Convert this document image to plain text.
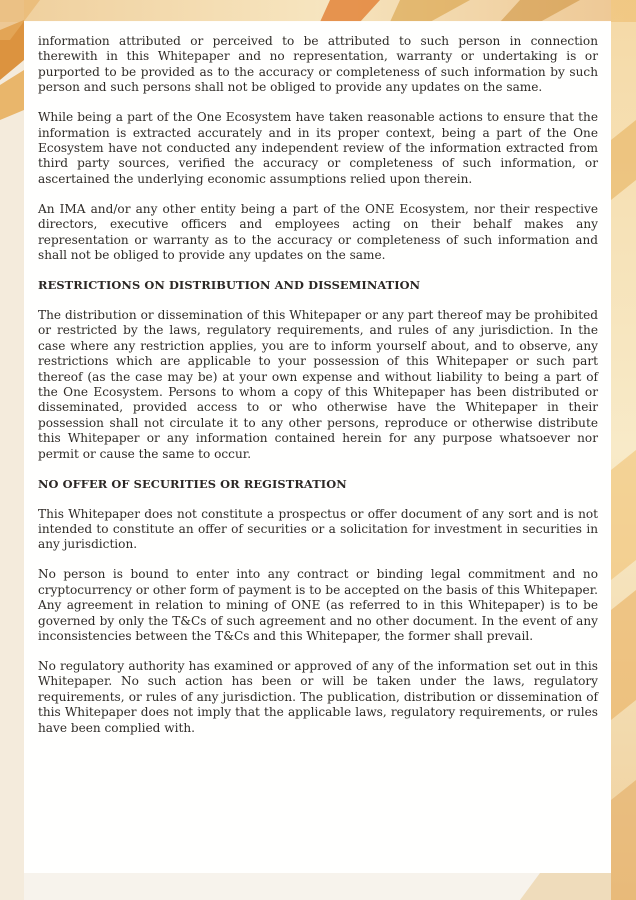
information attributed or perceived to be attributed to such person in connection therewith in this Whitepaper and no representation, warranty or undertaking is or purported to be provided as to the accuracy or completeness of such information by such person and such persons shall not be obliged to provide any updates on the same.

While being a part of the One Ecosystem have taken reasonable actions to ensure that the information is extracted accurately and in its proper context, being a part of the One Ecosystem have not conducted any independent review of the information extracted from third party sources, verified the accuracy or completeness of such information, or ascertained the underlying economic assumptions relied upon therein.

An IMA and/or any other entity being a part of the ONE Ecosystem, nor their respective directors, executive officers and employees acting on their behalf makes any representation or warranty as to the accuracy or completeness of such information and shall not be obliged to provide any updates on the same.

RESTRICTIONS ON DISTRIBUTION AND DISSEMINATION

The distribution or dissemination of this Whitepaper or any part thereof may be prohibited or restricted by the laws, regulatory requirements, and rules of any jurisdiction. In the case where any restriction applies, you are to inform yourself about, and to observe, any restrictions which are applicable to your possession of this Whitepaper or such part thereof (as the case may be) at your own expense and without liability to being a part of the One Ecosystem. Persons to whom a copy of this Whitepaper has been distributed or disseminated, provided access to or who otherwise have the Whitepaper in their possession shall not circulate it to any other persons, reproduce or otherwise distribute this Whitepaper or any information contained herein for any purpose whatsoever nor permit or cause the same to occur.

NO OFFER OF SECURITIES OR REGISTRATION

This Whitepaper does not constitute a prospectus or offer document of any sort and is not intended to constitute an offer of securities or a solicitation for investment in securities in any jurisdiction.

No person is bound to enter into any contract or binding legal commitment and no cryptocurrency or other form of payment is to be accepted on the basis of this Whitepaper. Any agreement in relation to mining of ONE (as referred to in this Whitepaper) is to be governed by only the T&Cs of such agreement and no other document. In the event of any inconsistencies between the T&Cs and this Whitepaper, the former shall prevail.

No regulatory authority has examined or approved of any of the information set out in this Whitepaper. No such action has been or will be taken under the laws, regulatory requirements, or rules of any jurisdiction. The publication, distribution or dissemination of this Whitepaper does not imply that the applicable laws, regulatory requirements, or rules have been complied with.
